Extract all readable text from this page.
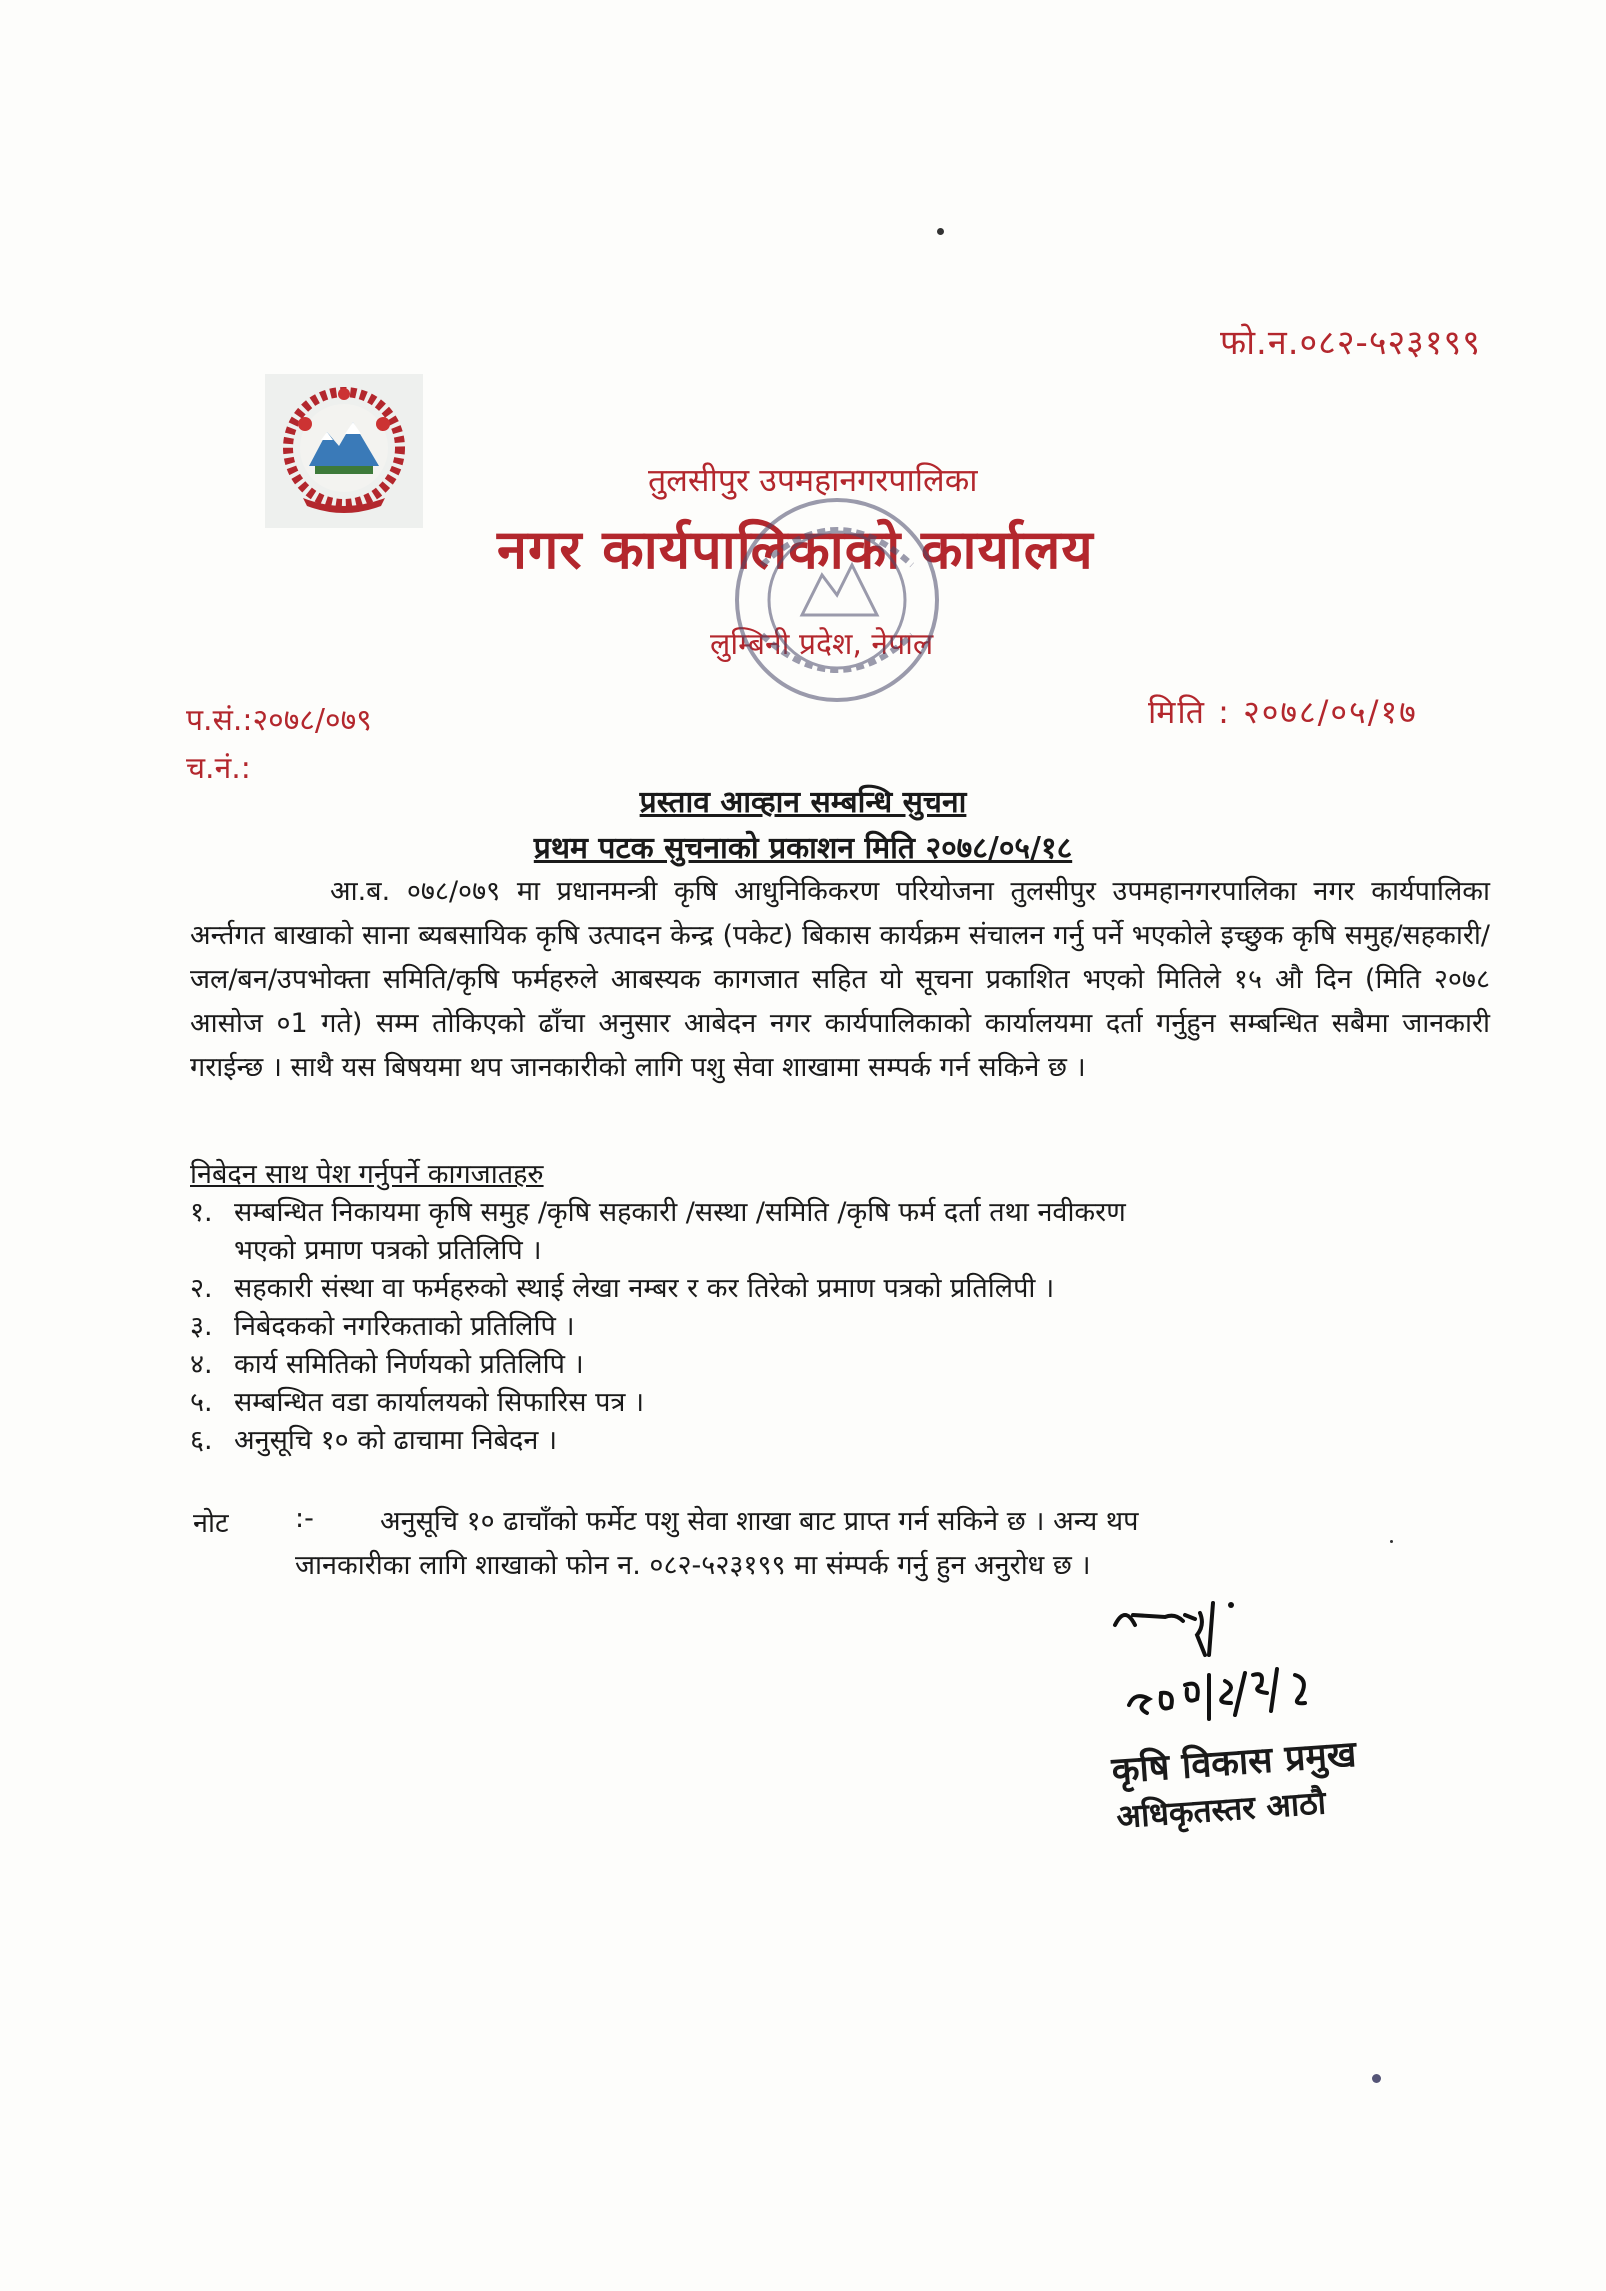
फो.न.०८२-५२३१९९
तुलसीपुर उपमहानगरपालिका
नगर कार्यपालिकाको कार्यालय
लुम्बिनी प्रदेश, नेपाल
प.सं.:२०७८/०७९
च.नं.:
मिति : २०७८/०५/१७
प्रस्ताव आव्हान सम्बन्धि सुचना
प्रथम पटक सुचनाको प्रकाशन मिति २०७८/०५/१८
आ.ब. ०७८/०७९ मा प्रधानमन्त्री कृषि आधुनिकिकरण परियोजना तुलसीपुर उपमहानगरपालिका नगर कार्यपालिका अर्न्तगत बाखाको साना ब्यबसायिक कृषि उत्पादन केन्द्र (पकेट) बिकास कार्यक्रम संचालन गर्नु पर्ने भएकोले इच्छुक कृषि समुह/सहकारी/जल/बन/उपभोक्ता समिति/कृषि फर्महरुले आबस्यक कागजात सहित यो सूचना प्रकाशित भएको मितिले १५ औ दिन (मिति २०७८ आसोज ०1 गते) सम्म तोकिएको ढाँचा अनुसार आबेदन नगर कार्यपालिकाको कार्यालयमा दर्ता गर्नुहुन सम्बन्धित सबैमा जानकारी गराईन्छ । साथै यस बिषयमा थप जानकारीको लागि पशु सेवा शाखामा सम्पर्क गर्न सकिने छ ।
निबेदन साथ पेश गर्नुपर्ने कागजातहरु
१. सम्बन्धित निकायमा कृषि समुह /कृषि सहकारी /सस्था /समिति /कृषि फर्म दर्ता तथा नवीकरण
भएको प्रमाण पत्रको प्रतिलिपि ।
२. सहकारी संस्था वा फर्महरुको स्थाई लेखा नम्बर र कर तिरेको प्रमाण पत्रको प्रतिलिपी ।
३. निबेदकको नगरिकताको प्रतिलिपि ।
४. कार्य समितिको निर्णयको प्रतिलिपि ।
५. सम्बन्धित वडा कार्यालयको सिफारिस पत्र ।
६. अनुसूचि १० को ढाचामा निबेदन ।
नोट :- अनुसूचि १० ढाचाँको फर्मेट पशु सेवा शाखा बाट प्राप्त गर्न सकिने छ । अन्य थप
जानकारीका लागि शाखाको फोन न. ०८२-५२३१९९ मा संम्पर्क गर्नु हुन अनुरोध छ ।
कृषि विकास प्रमुख
अधिकृतस्तर आठौ
